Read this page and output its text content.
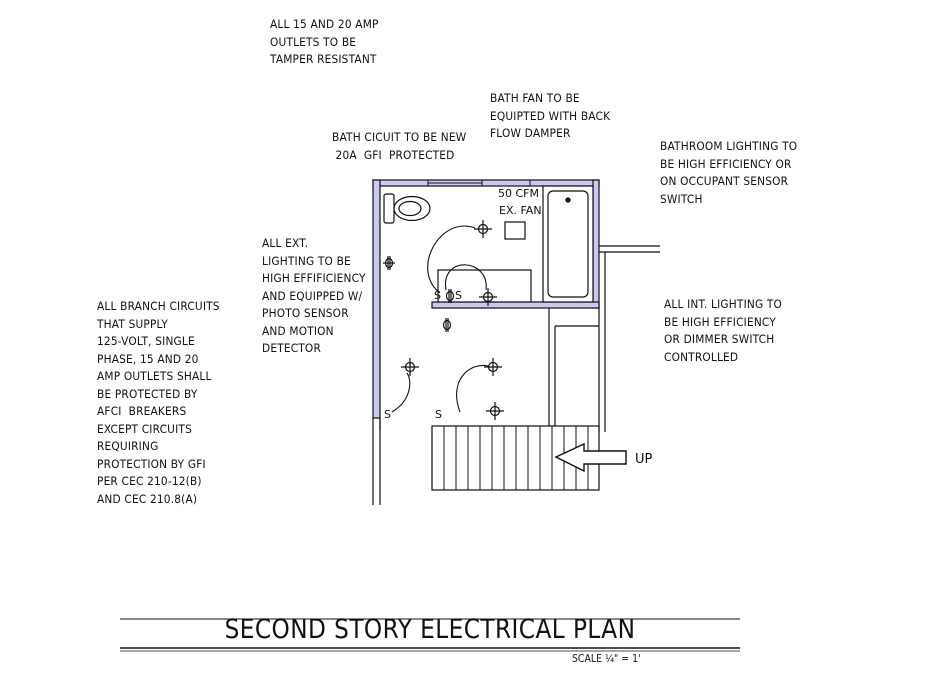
ALL 15 AND 20 AMP
OUTLETS TO BE
TAMPER RESISTANT
BATH FAN TO BE
EQUIPTED WITH BACK
FLOW DAMPER
BATH CICUIT TO BE NEW
20A  GFI  PROTECTED
BATHROOM LIGHTING TO
BE HIGH EFFICIENCY OR
ON OCCUPANT SENSOR
SWITCH
ALL EXT.
LIGHTING TO BE
HIGH EFFIFICIENCY
AND EQUIPPED W/
PHOTO SENSOR
AND MOTION
DETECTOR
ALL INT. LIGHTING TO
BE HIGH EFFICIENCY
OR DIMMER SWITCH
CONTROLLED
ALL BRANCH CIRCUITS
THAT SUPPLY
125-VOLT, SINGLE
PHASE, 15 AND 20
AMP OUTLETS SHALL
BE PROTECTED BY
AFCI  BREAKERS
EXCEPT CIRCUITS
REQUIRING
PROTECTION BY GFI
PER CEC 210-12(B)
AND CEC 210.8(A)
S S
S	S
50 CFM
EX. FAN
UP
SECOND STORY ELECTRICAL PLAN
SCALE ¼" = 1'
